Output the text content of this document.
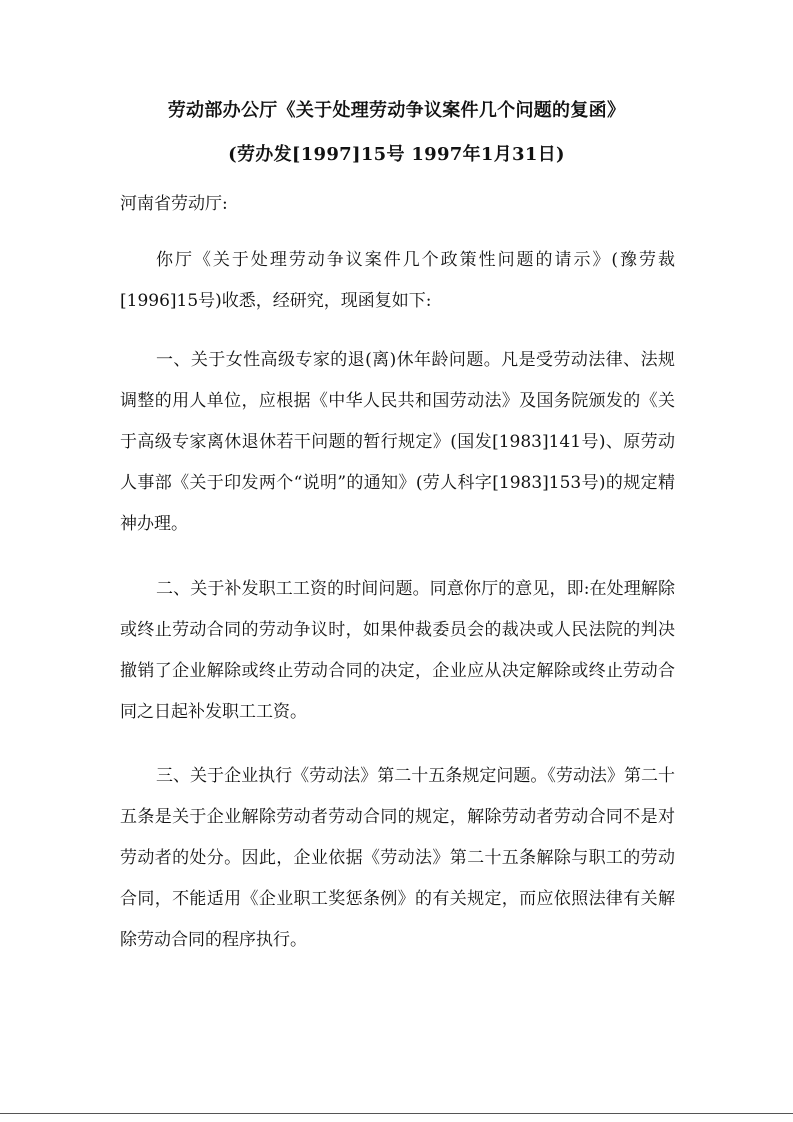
劳动部办公厅《关于处理劳动争议案件几个问题的复函》
(劳办发[1997]15号 1997年1月31日)
河南省劳动厅:

你厅《关于处理劳动争议案件几个政策性问题的请示》(豫劳裁[1996]15号)收悉，经研究，现函复如下:

一、关于女性高级专家的退(离)休年龄问题。凡是受劳动法律、法规调整的用人单位，应根据《中华人民共和国劳动法》及国务院颁发的《关于高级专家离休退休若干问题的暂行规定》(国发[1983]141号)、原劳动人事部《关于印发两个“说明”的通知》(劳人科字[1983]153号)的规定精神办理。

二、关于补发职工工资的时间问题。同意你厅的意见，即:在处理解除或终止劳动合同的劳动争议时，如果仲裁委员会的裁决或人民法院的判决撤销了企业解除或终止劳动合同的决定，企业应从决定解除或终止劳动合同之日起补发职工工资。

三、关于企业执行《劳动法》第二十五条规定问题。《劳动法》第二十五条是关于企业解除劳动者劳动合同的规定，解除劳动者劳动合同不是对劳动者的处分。因此，企业依据《劳动法》第二十五条解除与职工的劳动合同，不能适用《企业职工奖惩条例》的有关规定，而应依照法律有关解除劳动合同的程序执行。
